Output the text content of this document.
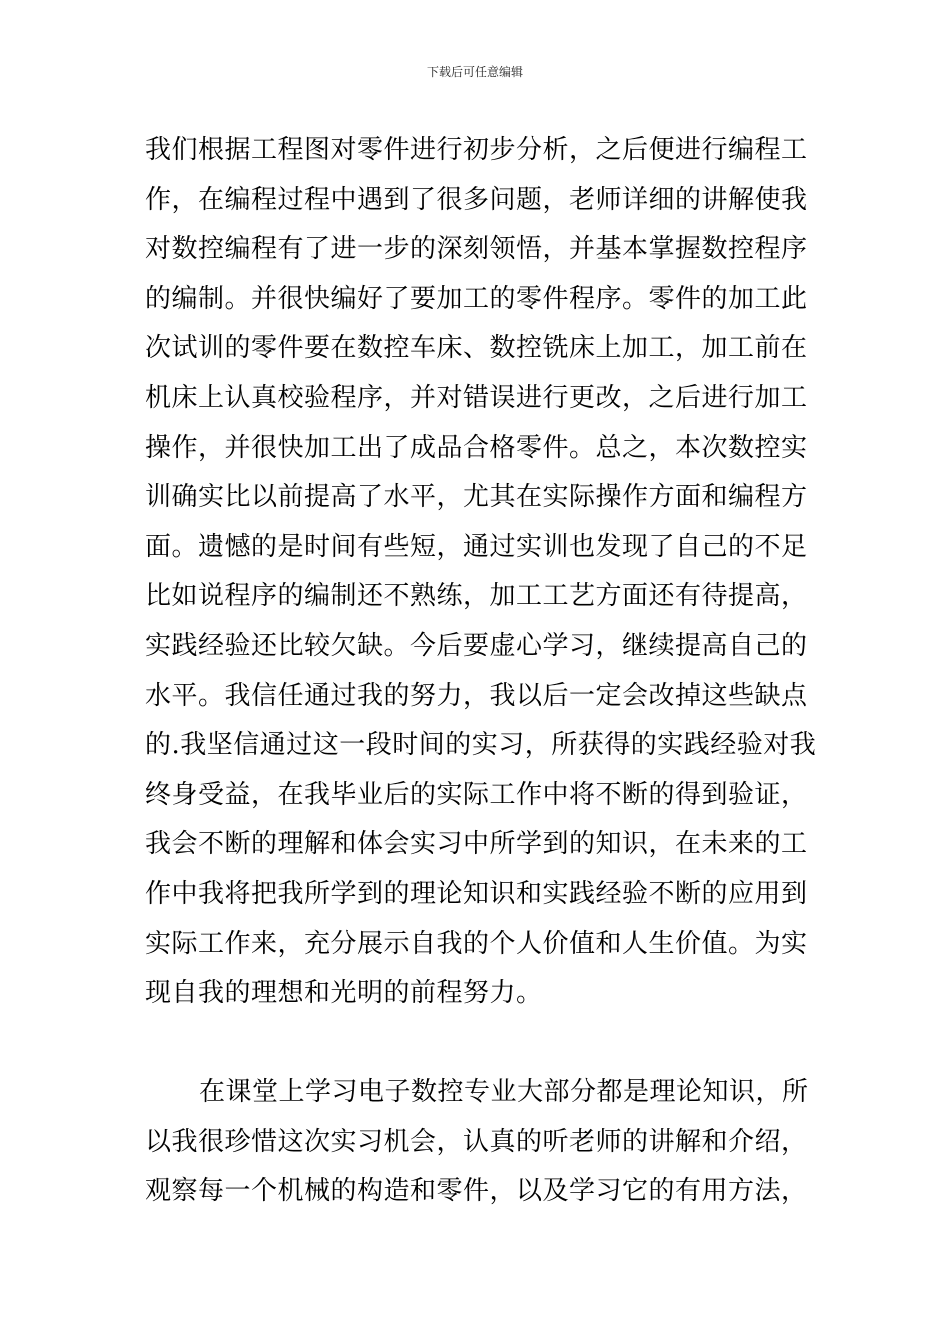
下载后可任意编辑
我们根据工程图对零件进行初步分析，之后便进行编程工
作，在编程过程中遇到了很多问题，老师详细的讲解使我
对数控编程有了进一步的深刻领悟，并基本掌握数控程序
的编制。并很快编好了要加工的零件程序。零件的加工此
次试训的零件要在数控车床、数控铣床上加工，加工前在
机床上认真校验程序，并对错误进行更改，之后进行加工
操作，并很快加工出了成品合格零件。总之，本次数控实
训确实比以前提高了水平，尤其在实际操作方面和编程方
面。遗憾的是时间有些短，通过实训也发现了自己的不足
比如说程序的编制还不熟练，加工工艺方面还有待提高，
实践经验还比较欠缺。今后要虚心学习，继续提高自己的
水平。我信任通过我的努力，我以后一定会改掉这些缺点
的.我坚信通过这一段时间的实习，所获得的实践经验对我
终身受益，在我毕业后的实际工作中将不断的得到验证，
我会不断的理解和体会实习中所学到的知识，在未来的工
作中我将把我所学到的理论知识和实践经验不断的应用到
实际工作来，充分展示自我的个人价值和人生价值。为实
现自我的理想和光明的前程努力。
在课堂上学习电子数控专业大部分都是理论知识，所
以我很珍惜这次实习机会，认真的听老师的讲解和介绍，
观察每一个机械的构造和零件，以及学习它的有用方法，
